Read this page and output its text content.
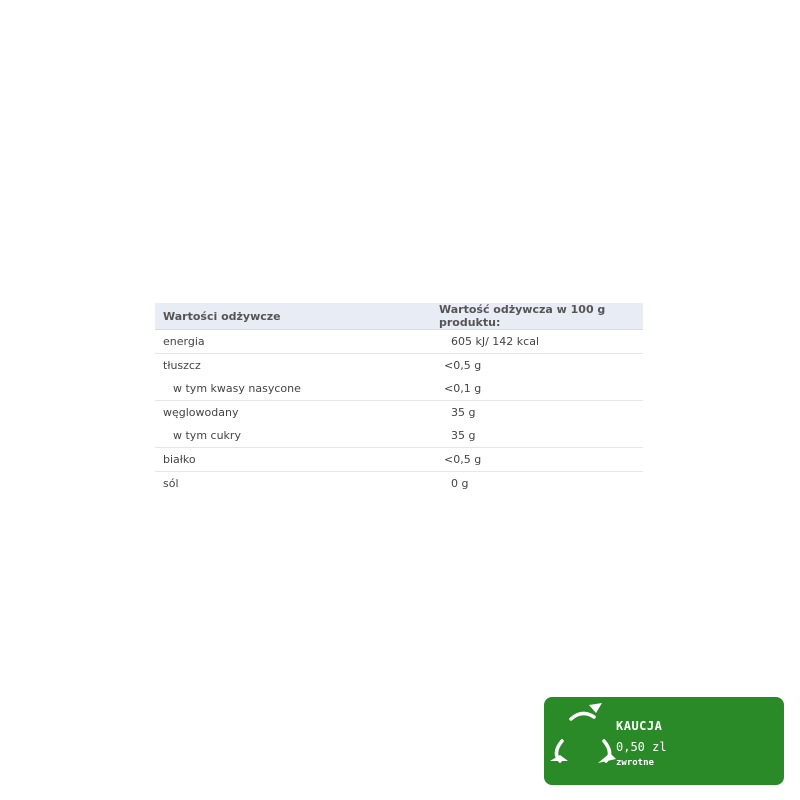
Wartości odżywcze	Wartość odżywcza w 100 g produktu:
energia	605 kJ/ 142 kcal
tłuszcz	<0,5 g
w tym kwasy nasycone	<0,1 g
węglowodany	35 g
w tym cukry	35 g
białko	<0,5 g
sól	0 g
KAUCJA
0,50 zl
zwrotne
